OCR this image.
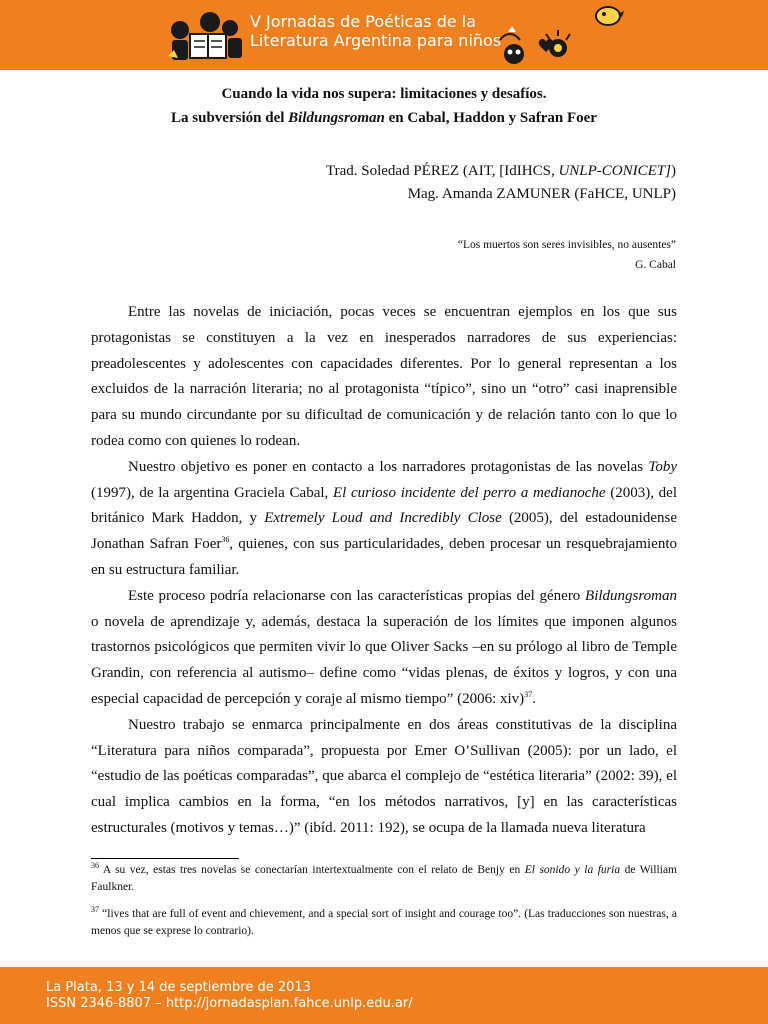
V Jornadas de Poéticas de la
Literatura Argentina para niños
Cuando la vida nos supera: limitaciones y desafíos.
La subversión del Bildungsroman en Cabal, Haddon y Safran Foer
Trad. Soledad PÉREZ (AIT, [IdIHCS, UNLP-CONICET])
Mag. Amanda ZAMUNER (FaHCE, UNLP)
“Los muertos son seres invisibles, no ausentes”
G. Cabal

Entre las novelas de iniciación, pocas veces se encuentran ejemplos en los que sus protagonistas se constituyen a la vez en inesperados narradores de sus experiencias: preadolescentes y adolescentes con capacidades diferentes. Por lo general representan a los excluidos de la narración literaria; no al protagonista “típico”, sino un “otro” casi inaprensible para su mundo circundante por su dificultad de comunicación y de relación tanto con lo que lo rodea como con quienes lo rodean.

Nuestro objetivo es poner en contacto a los narradores protagonistas de las novelas Toby (1997), de la argentina Graciela Cabal, El curioso incidente del perro a medianoche (2003), del británico Mark Haddon, y Extremely Loud and Incredibly Close (2005), del estadounidense Jonathan Safran Foer$^{36}$, quienes, con sus particularidades, deben procesar un resquebrajamiento en su estructura familiar.

Este proceso podría relacionarse con las características propias del género Bildungsroman o novela de aprendizaje y, además, destaca la superación de los límites que imponen algunos trastornos psicológicos que permiten vivir lo que Oliver Sacks –en su prólogo al libro de Temple Grandin, con referencia al autismo– define como “vidas plenas, de éxitos y logros, y con una especial capacidad de percepción y coraje al mismo tiempo” (2006: xiv)$^{37}$.

Nuestro trabajo se enmarca principalmente en dos áreas constitutivas de la disciplina “Literatura para niños comparada”, propuesta por Emer O’Sullivan (2005): por un lado, el “estudio de las poéticas comparadas”, que abarca el complejo de “estética literaria” (2002: 39), el cual implica cambios en la forma, “en los métodos narrativos, [y] en las características estructurales (motivos y temas…)” (ibíd. 2011: 192), se ocupa de la llamada nueva literatura

$^{36}$ A su vez, estas tres novelas se conectarían intertextualmente con el relato de Benjy en El sonido y la furia de William Faulkner.

$^{37}$ “lives that are full of event and chievement, and a special sort of insight and courage too”. (Las traducciones son nuestras, a menos que se exprese lo contrario).

La Plata, 13 y 14 de septiembre de 2013
ISSN 2346-8807 – http://jornadasplan.fahce.unlp.edu.ar/
